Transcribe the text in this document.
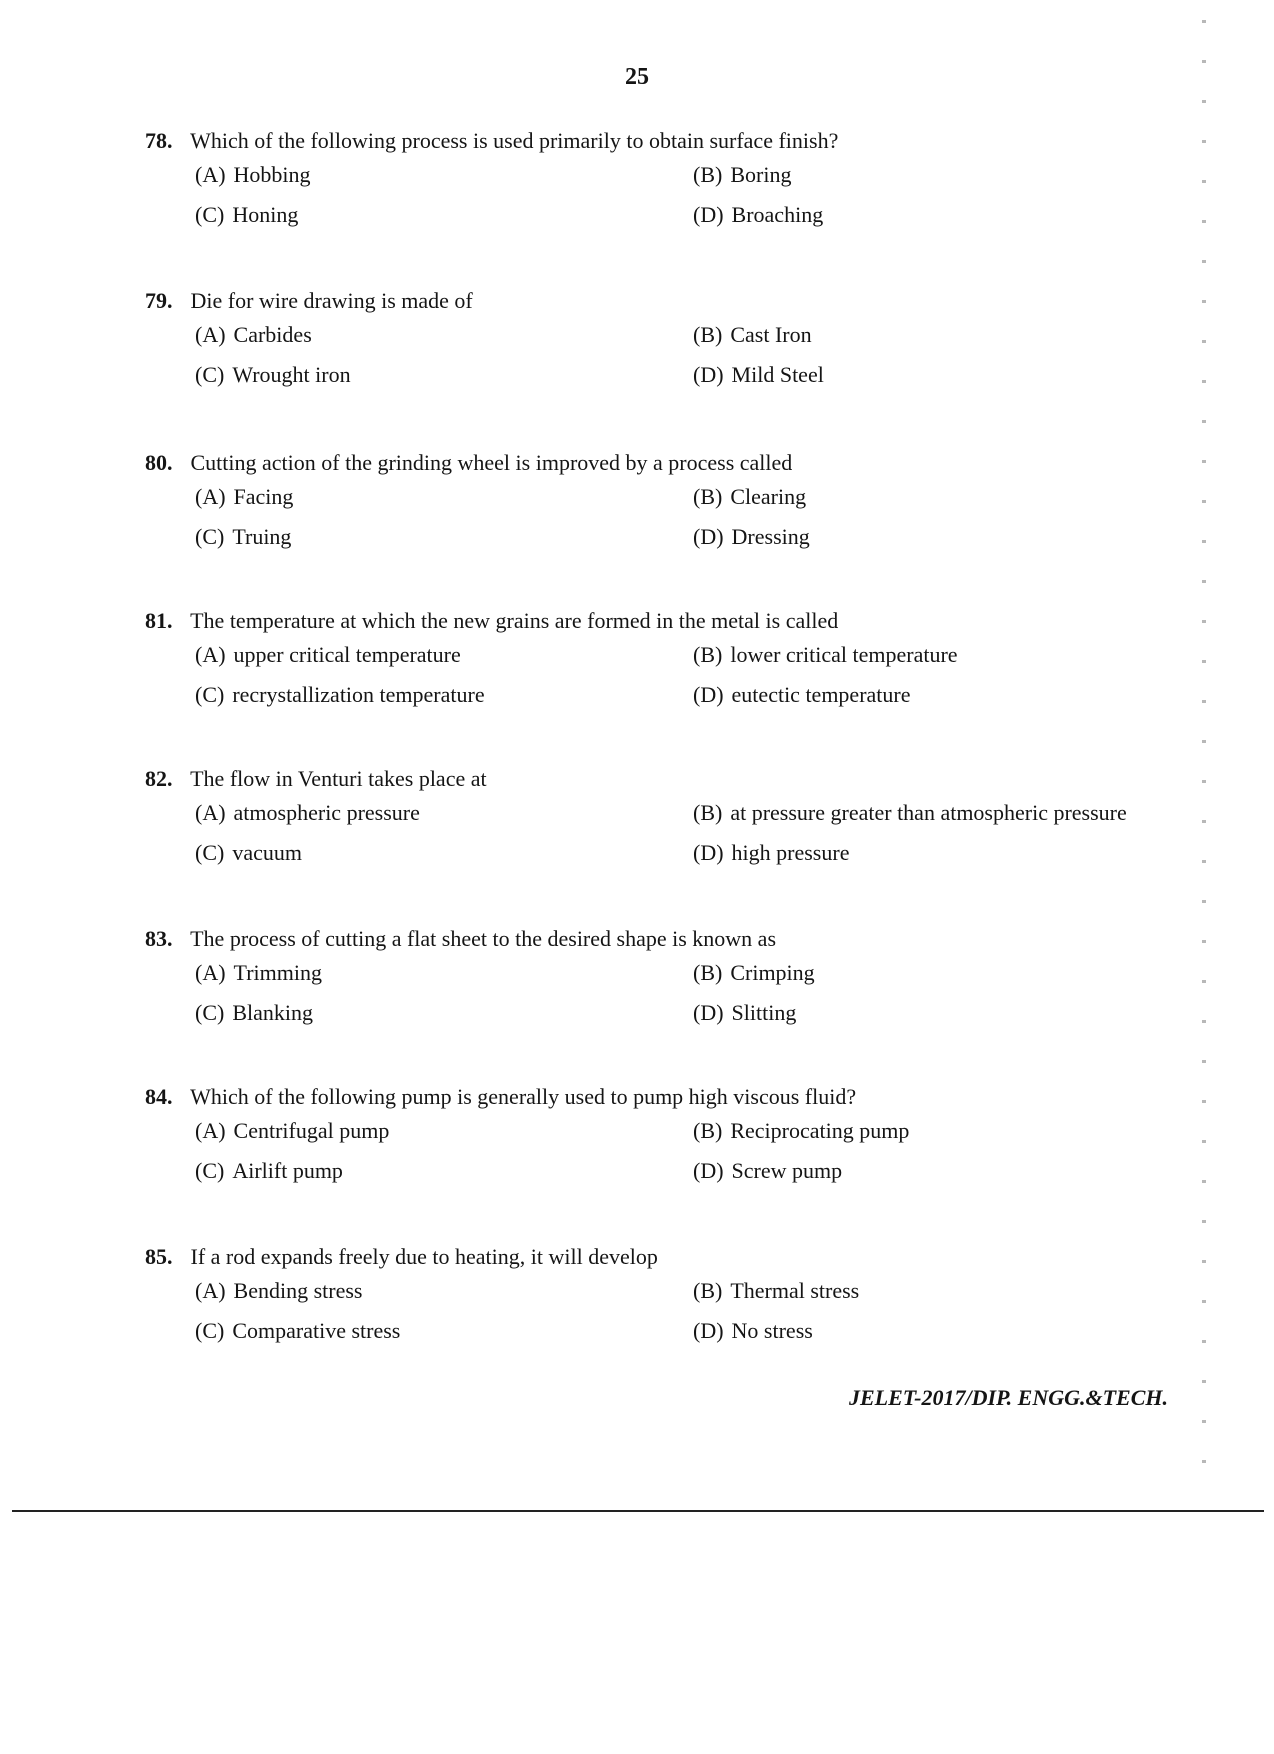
25
78. Which of the following process is used primarily to obtain surface finish?
(A) Hobbing	(B) Boring
(C) Honing	(D) Broaching
79. Die for wire drawing is made of
(A) Carbides	(B) Cast Iron
(C) Wrought iron	(D) Mild Steel
80. Cutting action of the grinding wheel is improved by a process called
(A) Facing	(B) Clearing
(C) Truing	(D) Dressing
81. The temperature at which the new grains are formed in the metal is called
(A) upper critical temperature	(B) lower critical temperature
(C) recrystallization temperature	(D) eutectic temperature
82. The flow in Venturi takes place at
(A) atmospheric pressure	(B) at pressure greater than atmospheric pressure
(C) vacuum	(D) high pressure
83. The process of cutting a flat sheet to the desired shape is known as
(A) Trimming	(B) Crimping
(C) Blanking	(D) Slitting
84. Which of the following pump is generally used to pump high viscous fluid?
(A) Centrifugal pump	(B) Reciprocating pump
(C) Airlift pump	(D) Screw pump
85. If a rod expands freely due to heating, it will develop
(A) Bending stress	(B) Thermal stress
(C) Comparative stress	(D) No stress
JELET-2017/DIP. ENGG.&TECH.
